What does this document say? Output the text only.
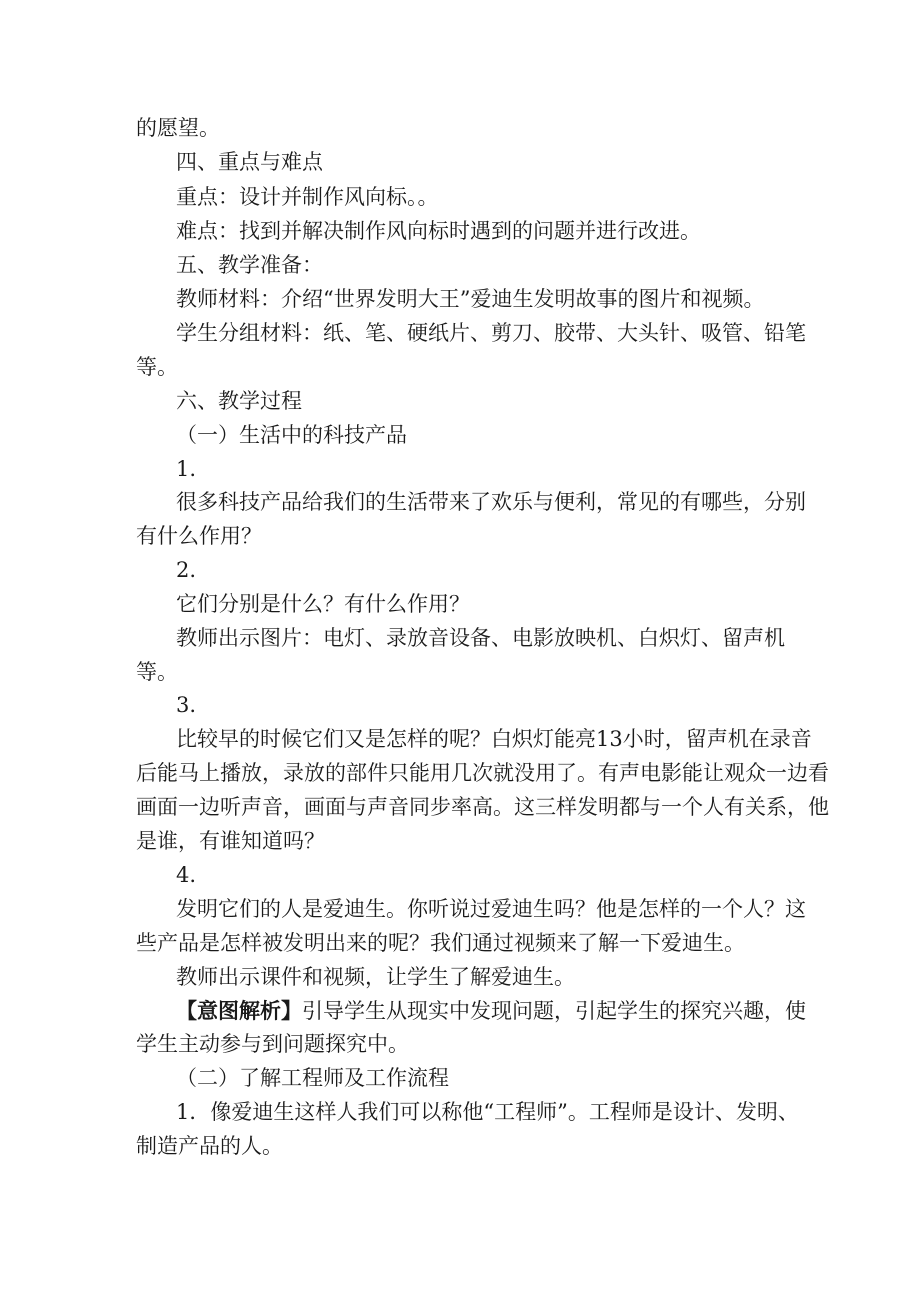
的愿望。
四、重点与难点
重点：设计并制作风向标。。
难点：找到并解决制作风向标时遇到的问题并进行改进。
五、教学准备：
教师材料：介绍“世界发明大王”爱迪生发明故事的图片和视频。
学生分组材料：纸、笔、硬纸片、剪刀、胶带、大头针、吸管、铅笔
等。
六、教学过程
（一）生活中的科技产品
1.
很多科技产品给我们的生活带来了欢乐与便利，常见的有哪些，分别
有什么作用？
2.
它们分别是什么？有什么作用？
教师出示图片：电灯、录放音设备、电影放映机、白炽灯、留声机
等。
3.
比较早的时候它们又是怎样的呢？白炽灯能亮13小时，留声机在录音
后能马上播放，录放的部件只能用几次就没用了。有声电影能让观众一边看
画面一边听声音，画面与声音同步率高。这三样发明都与一个人有关系，他
是谁，有谁知道吗？
4.
发明它们的人是爱迪生。你听说过爱迪生吗？他是怎样的一个人？这
些产品是怎样被发明出来的呢？我们通过视频来了解一下爱迪生。
教师出示课件和视频，让学生了解爱迪生。
【意图解析】引导学生从现实中发现问题，引起学生的探究兴趣，使
学生主动参与到问题探究中。
（二）了解工程师及工作流程
1．像爱迪生这样人我们可以称他“工程师”。工程师是设计、发明、
制造产品的人。
